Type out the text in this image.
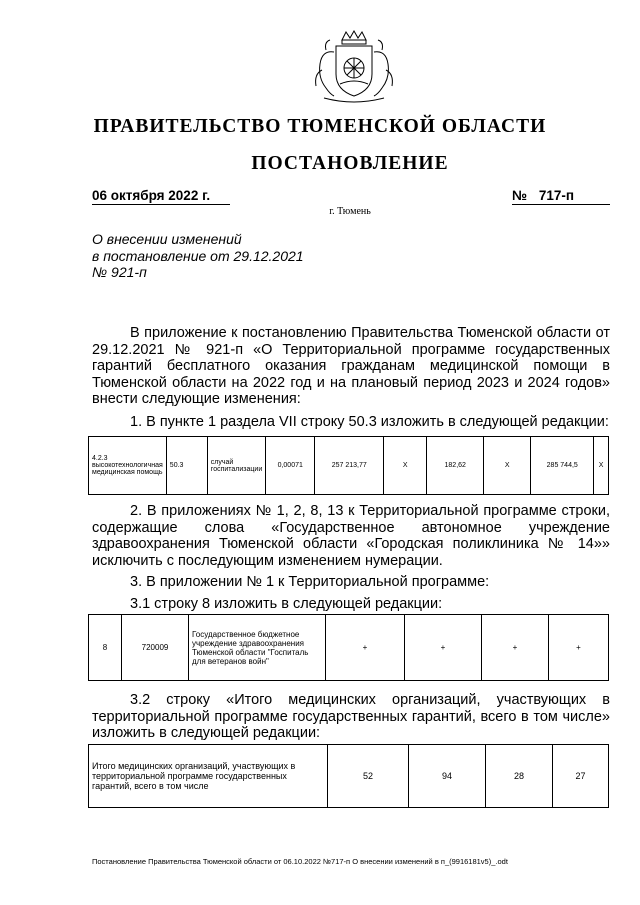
ПРАВИТЕЛЬСТВО ТЮМЕНСКОЙ ОБЛАСТИ
ПОСТАНОВЛЕНИЕ
06 октября 2022 г.	№ 717-п
г. Тюмень
О внесении изменений
в постановление от 29.12.2021
№ 921-п
В приложение к постановлению Правительства Тюменской области от 29.12.2021 № 921-п «О Территориальной программе государственных гарантий бесплатного оказания гражданам медицинской помощи в Тюменской области на 2022 год и на плановый период 2023 и 2024 годов» внести следующие изменения:
1. В пункте 1 раздела VII строку 50.3 изложить в следующей редакции:
4.2.3 высокотехнологичная медицинская помощь	50.3	случай госпитализации	0,00071	257 213,77	Х	182,62	Х	285 744,5	Х
2. В приложениях № 1, 2, 8, 13 к Территориальной программе строки, содержащие слова «Государственное автономное учреждение здравоохранения Тюменской области «Городская поликлиника № 14»» исключить с последующим изменением нумерации.
3. В приложении № 1 к Территориальной программе:
3.1 строку 8 изложить в следующей редакции:
8	720009	Государственное бюджетное учреждение здравоохранения Тюменской области "Госпиталь для ветеранов войн"	+	+	+	+
3.2 строку «Итого медицинских организаций, участвующих в территориальной программе государственных гарантий, всего в том числе» изложить в следующей редакции:
Итого медицинских организаций, участвующих в территориальной программе государственных гарантий, всего в том числе	52	94	28	27
Постановление Правительства Тюменской области от 06.10.2022 №717-п О внесении изменений в п_(9916181v5)_.odt
